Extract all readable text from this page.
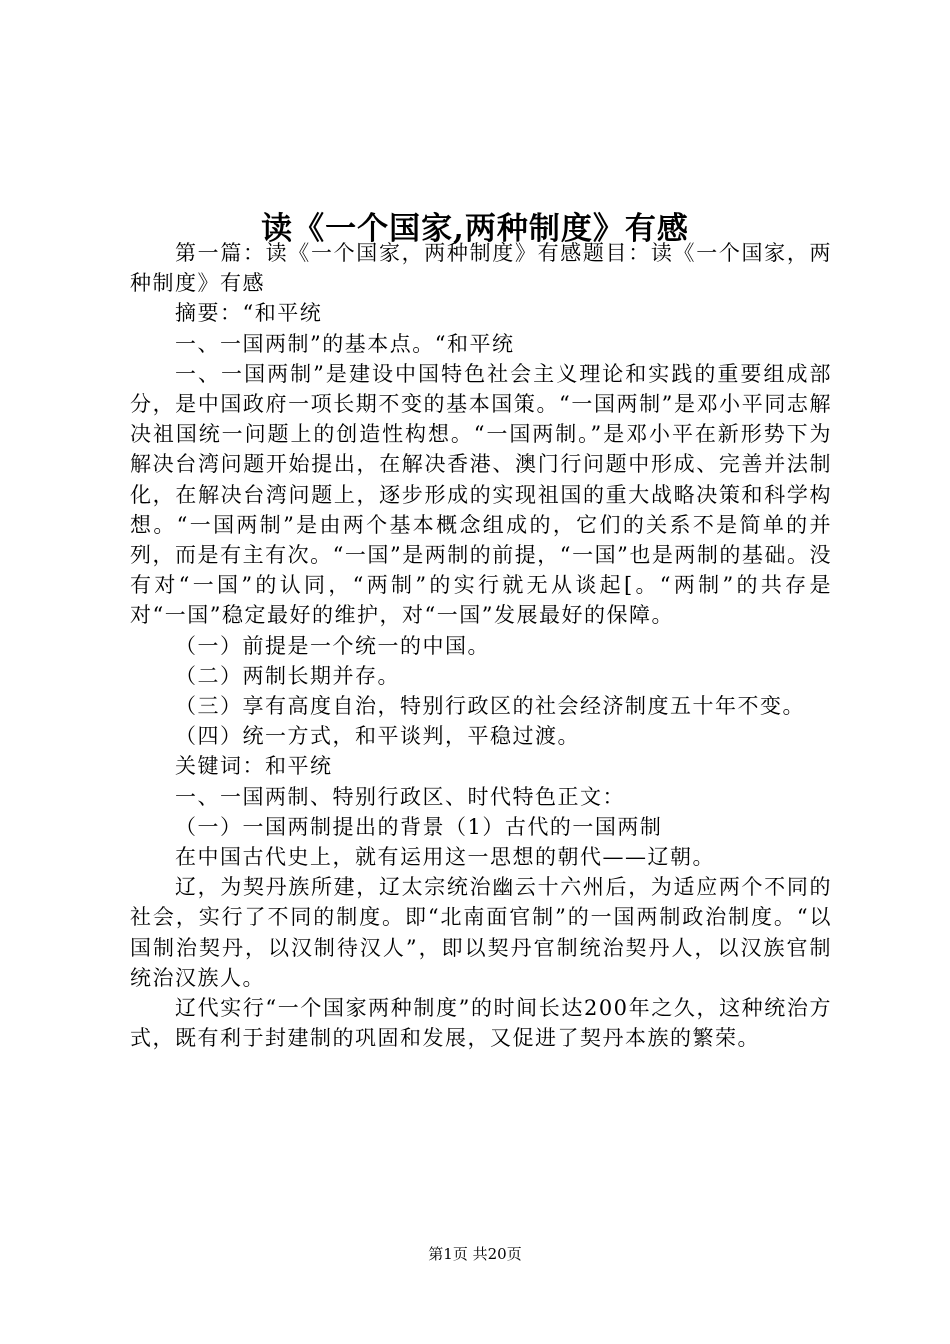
读《一个国家,两种制度》有感

第一篇：读《一个国家，两种制度》有感题目：读《一个国家，两种制度》有感

摘要：“和平统

一、一国两制”的基本点。“和平统

一、一国两制”是建设中国特色社会主义理论和实践的重要组成部分，是中国政府一项长期不变的基本国策。“一国两制”是邓小平同志解决祖国统一问题上的创造性构想。“一国两制。”是邓小平在新形势下为解决台湾问题开始提出，在解决香港、澳门行问题中形成、完善并法制化，在解决台湾问题上，逐步形成的实现祖国的重大战略决策和科学构想。“一国两制”是由两个基本概念组成的，它们的关系不是简单的并列，而是有主有次。“一国”是两制的前提，“一国”也是两制的基础。没有对“一国”的认同，“两制”的实行就无从谈起[。“两制”的共存是对“一国”稳定最好的维护，对“一国”发展最好的保障。

（一）前提是一个统一的中国。

（二）两制长期并存。

（三）享有高度自治，特别行政区的社会经济制度五十年不变。

（四）统一方式，和平谈判，平稳过渡。

关键词：和平统

一、一国两制、特别行政区、时代特色正文：

（一）一国两制提出的背景（1）古代的一国两制

在中国古代史上，就有运用这一思想的朝代——辽朝。

辽，为契丹族所建，辽太宗统治幽云十六州后，为适应两个不同的社会，实行了不同的制度。即“北南面官制”的一国两制政治制度。“以国制治契丹，以汉制待汉人”，即以契丹官制统治契丹人，以汉族官制统治汉族人。

辽代实行“一个国家两种制度”的时间长达200年之久，这种统治方式，既有利于封建制的巩固和发展，又促进了契丹本族的繁荣。

第1页 共20页
